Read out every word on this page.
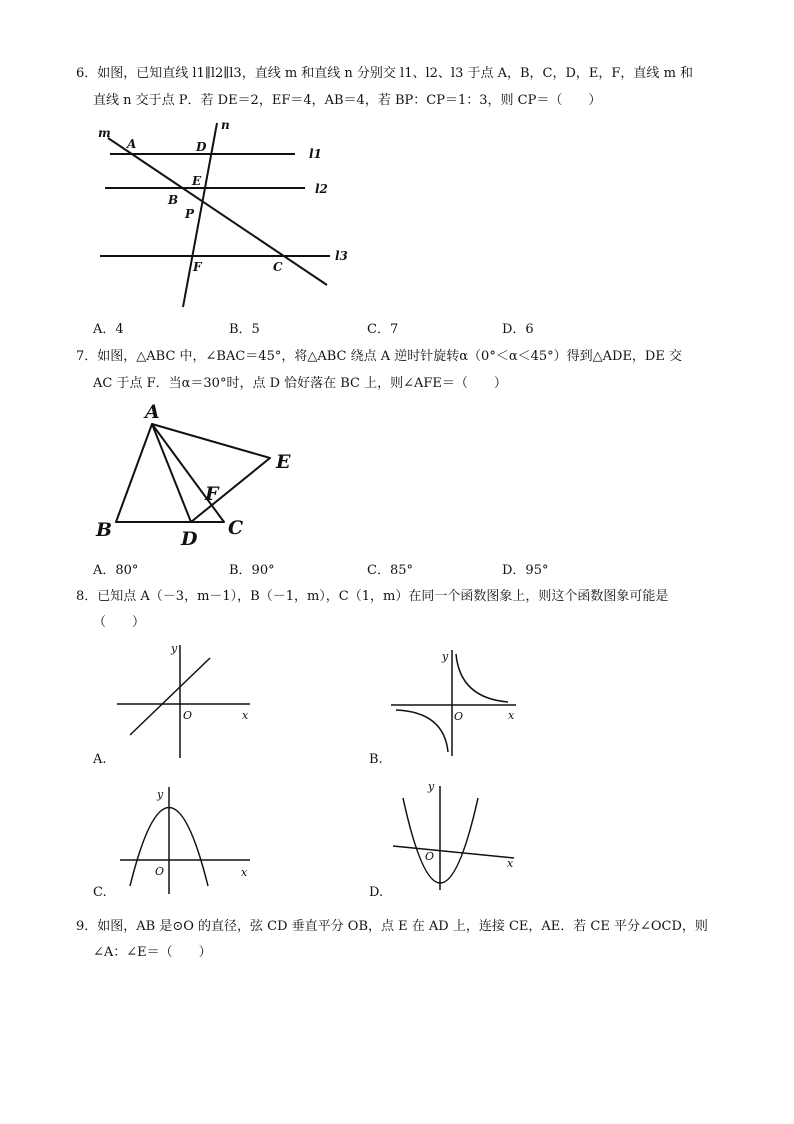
6．如图，已知直线 l1∥l2∥l3，直线 m 和直线 n 分别交 l1、l2、l3 于点 A，B，C，D，E，F，直线 m 和
直线 n 交于点 P．若 DE＝2，EF＝4，AB＝4，若 BP：CP＝1：3，则 CP＝（　　）
m
n
A	D
E
B
P
F	C
l1
l2
l3
A．4	B．5	C．7	D．6
7．如图，△ABC 中，∠BAC＝45°，将△ABC 绕点 A 逆时针旋转α（0°＜α＜45°）得到△ADE，DE 交
AC 于点 F．当α＝30°时，点 D 恰好落在 BC 上，则∠AFE＝（　　）
A
E
F
B	D C
A．80°	B．90°	C．85°	D．95°
8．已知点 A（－3，m－1），B（－1，m），C（1，m）在同一个函数图象上，则这个函数图象可能是
（　　）
y
O	x
A.
y
O	x
B.
y
O	x
C.
y
O
x
D.
9．如图，AB 是⊙O 的直径，弦 CD 垂直平分 OB，点 E 在 AD 上，连接 CE，AE．若 CE 平分∠OCD，则
∠A：∠E＝（　　）
